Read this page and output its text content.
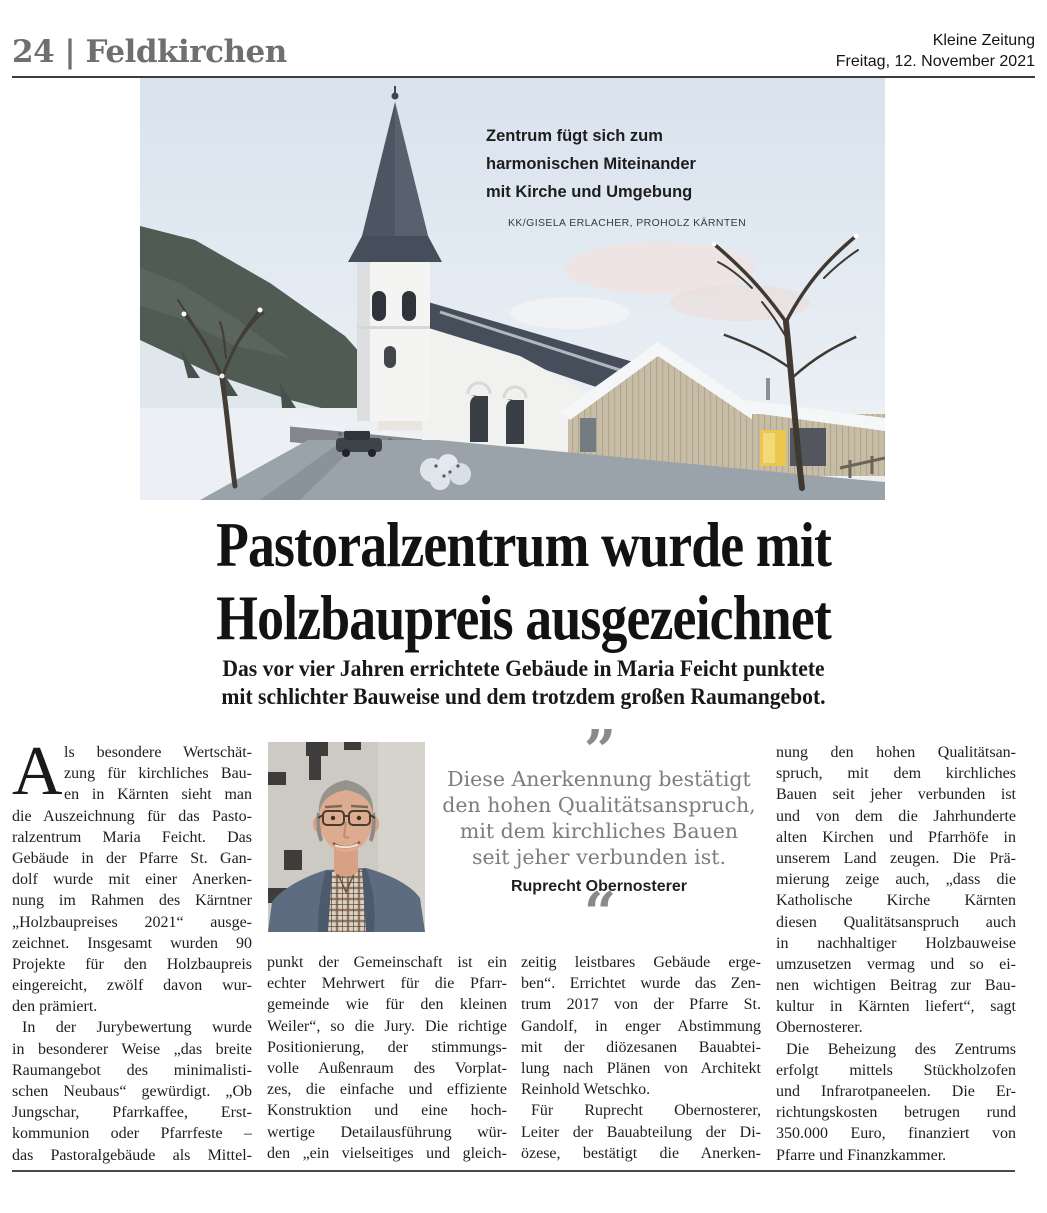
24 | Feldkirchen	Kleine Zeitung
Freitag, 12. November 2021
Zentrum fügt sich zum
harmonischen Miteinander
mit Kirche und Umgebung
KK/GISELA ERLACHER, PROHOLZ KÄRNTEN
Pastoralzentrum wurde mit
Holzbaupreis ausgezeichnet
Das vor vier Jahren errichtete Gebäude in Maria Feicht punktete
mit schlichter Bauweise und dem trotzdem großen Raumangebot.
A ls besondere Wertschät-
zung für kirchliches Bau-
en in Kärnten sieht man
die Auszeichnung für das Pasto-
ralzentrum Maria Feicht. Das
Gebäude in der Pfarre St. Gan-
dolf wurde mit einer Anerken-
nung im Rahmen des Kärntner
„Holzbaupreises 2021“ ausge-
zeichnet. Insgesamt wurden 90
Projekte für den Holzbaupreis
eingereicht, zwölf davon wur-
den prämiert.
In der Jurybewertung wurde
in besonderer Weise „das breite
Raumangebot des minimalisti-
schen Neubaus“ gewürdigt. „Ob
Jungschar, Pfarrkaffee, Erst-
kommunion oder Pfarrfeste –
das Pastoralgebäude als Mittel-
”
Diese Anerkennung bestätigt
den hohen Qualitätsanspruch,
mit dem kirchliches Bauen
seit jeher verbunden ist.
Ruprecht Obernosterer
“
punkt der Gemeinschaft ist ein
echter Mehrwert für die Pfarr-
gemeinde wie für den kleinen
Weiler“, so die Jury. Die richtige
Positionierung, der stimmungs-
volle Außenraum des Vorplat-
zes, die einfache und effiziente
Konstruktion und eine hoch-
wertige Detailausführung wür-
den „ein vielseitiges und gleich-
zeitig leistbares Gebäude erge-
ben“. Errichtet wurde das Zen-
trum 2017 von der Pfarre St.
Gandolf, in enger Abstimmung
mit der diözesanen Bauabtei-
lung nach Plänen von Architekt
Reinhold Wetschko.
Für Ruprecht Obernosterer,
Leiter der Bauabteilung der Di-
özese, bestätigt die Anerken-
nung den hohen Qualitätsan-
spruch, mit dem kirchliches
Bauen seit jeher verbunden ist
und von dem die Jahrhunderte
alten Kirchen und Pfarrhöfe in
unserem Land zeugen. Die Prä-
mierung zeige auch, „dass die
Katholische Kirche Kärnten
diesen Qualitätsanspruch auch
in nachhaltiger Holzbauweise
umzusetzen vermag und so ei-
nen wichtigen Beitrag zur Bau-
kultur in Kärnten liefert“, sagt
Obernosterer.
Die Beheizung des Zentrums
erfolgt mittels Stückholzofen
und Infrarotpaneelen. Die Er-
richtungskosten betrugen rund
350.000 Euro, finanziert von
Pfarre und Finanzkammer.
